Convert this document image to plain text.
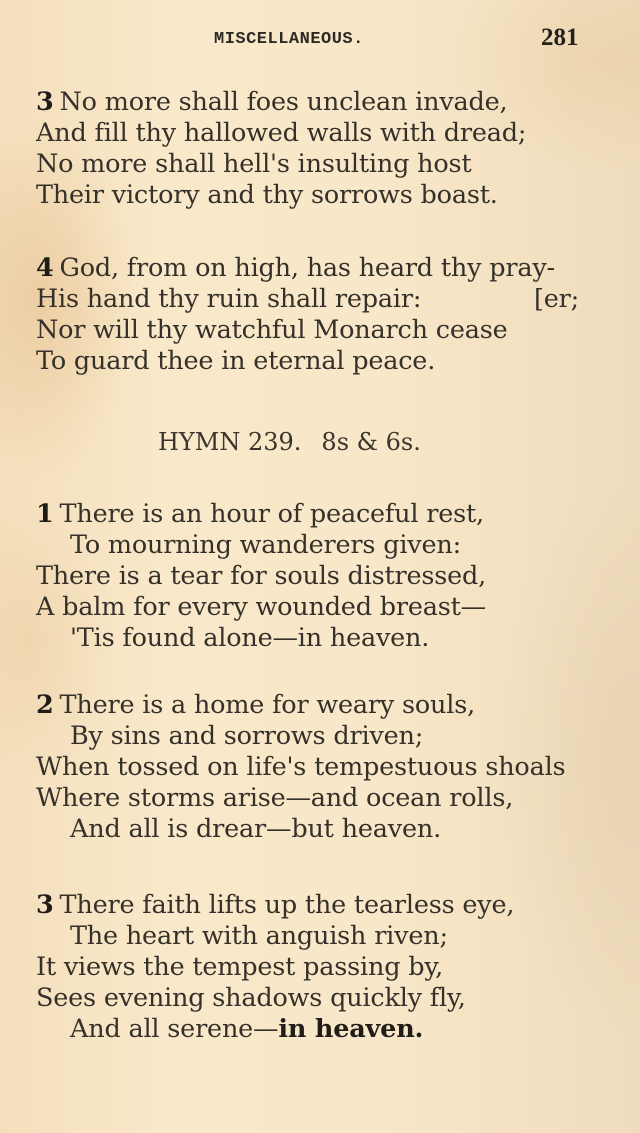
MISCELLANEOUS.	281
3 No more shall foes unclean invade,
And fill thy hallowed walls with dread;
No more shall hell's insulting host
Their victory and thy sorrows boast.
4 God, from on high, has heard thy pray-
His hand thy ruin shall repair:	[er;
Nor will thy watchful Monarch cease
To guard thee in eternal peace.
HYMN 239. 8s & 6s.
1 There is an hour of peaceful rest,
To mourning wanderers given:
There is a tear for souls distressed,
A balm for every wounded breast—
'Tis found alone—in heaven.
2 There is a home for weary souls,
By sins and sorrows driven;
When tossed on life's tempestuous shoals
Where storms arise—and ocean rolls,
And all is drear—but heaven.
3 There faith lifts up the tearless eye,
The heart with anguish riven;
It views the tempest passing by,
Sees evening shadows quickly fly,
And all serene—in heaven.
